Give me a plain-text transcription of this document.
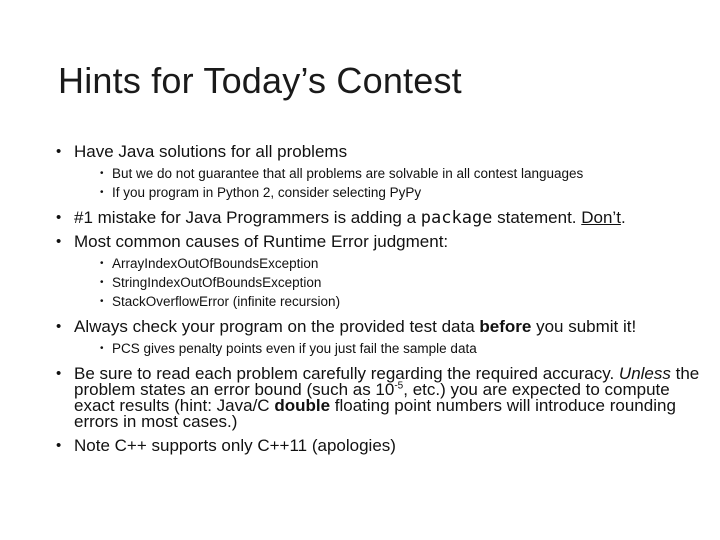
Hints for Today’s Contest
• Have Java solutions for all problems
• But we do not guarantee that all problems are solvable in all contest languages
• If you program in Python 2, consider selecting PyPy
• #1 mistake for Java Programmers is adding a package statement. Don’t.
• Most common causes of Runtime Error judgment:
• ArrayIndexOutOfBoundsException
• StringIndexOutOfBoundsException
• StackOverflowError (infinite recursion)
• Always check your program on the provided test data before you submit it!
• PCS gives penalty points even if you just fail the sample data
• Be sure to read each problem carefully regarding the required accuracy. Unless the problem states an error bound (such as $10^{-5}$, etc.) you are expected to compute exact results (hint: Java/C double floating point numbers will introduce rounding errors in most cases.)
• Note C++ supports only C++11 (apologies)
